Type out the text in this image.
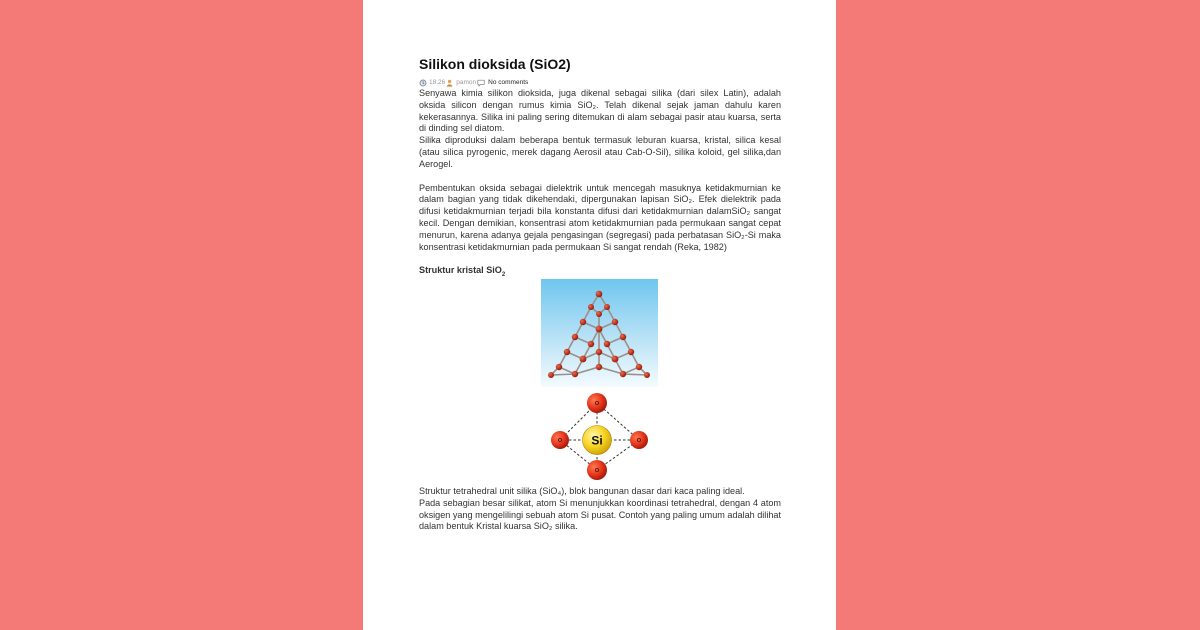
Silikon dioksida (SiO2)
18.26 pamon No comments

Senyawa kimia silikon dioksida, juga dikenal sebagai silika (dari silex Latin), adalah oksida silicon dengan rumus kimia SiO₂. Telah dikenal sejak jaman dahulu karen kekerasannya. Silika ini paling sering ditemukan di alam sebagai pasir atau kuarsa, serta di dinding sel diatom.

Silika diproduksi dalam beberapa bentuk termasuk leburan kuarsa, kristal, silica kesal (atau silica pyrogenic, merek dagang Aerosil atau Cab-O-Sil), silika koloid, gel silika,dan Aerogel.

Pembentukan oksida sebagai dielektrik untuk mencegah masuknya ketidakmurnian ke dalam bagian yang tidak dikehendaki, dipergunakan lapisan SiO₂. Efek dielektrik pada difusi ketidakmurnian terjadi bila konstanta difusi dari ketidakmurnian dalamSiO₂ sangat kecil. Dengan demikian, konsentrasi atom ketidakmurnian pada permukaan sangat cepat menurun, karena adanya gejala pengasingan (segregasi) pada perbatasan SiO₂-Si maka konsentrasi ketidakmurnian pada permukaan Si sangat rendah (Reka, 1982)

Struktur kristal SiO$_2$
Si
O
O
O
O

Struktur tetrahedral unit silika (SiO₄), blok bangunan dasar dari kaca paling ideal.

Pada sebagian besar silikat, atom Si menunjukkan koordinasi tetrahedral, dengan 4 atom oksigen yang mengelilingi sebuah atom Si pusat. Contoh yang paling umum adalah dilihat dalam bentuk Kristal kuarsa SiO₂ silika.
